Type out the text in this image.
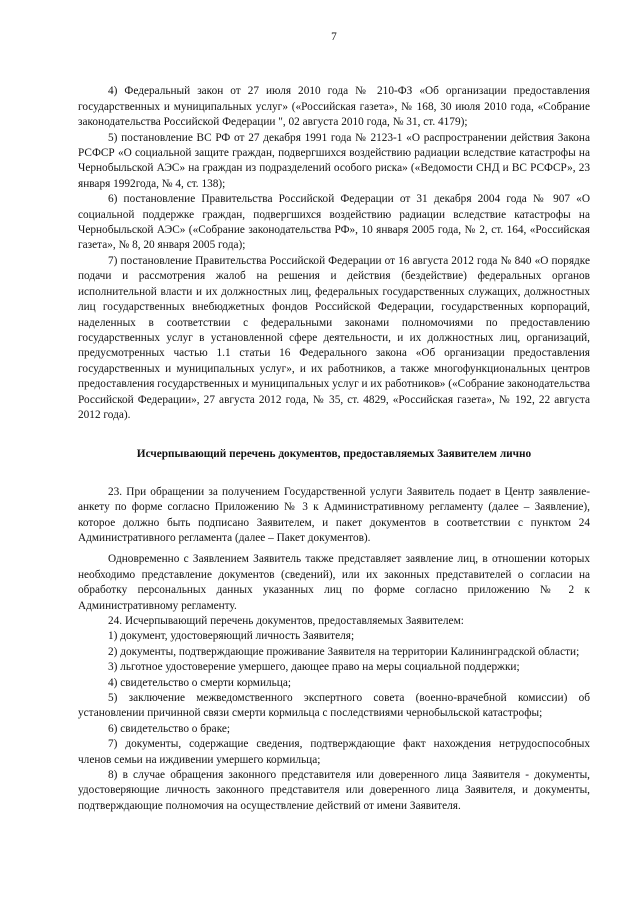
7

4) Федеральный закон от 27 июля 2010 года № 210-ФЗ «Об организации предоставления государственных и муниципальных услуг» («Российская газета», № 168, 30 июля 2010 года, «Собрание законодательства Российской Федерации ", 02 августа 2010 года, № 31, ст. 4179);

5) постановление ВС РФ от 27 декабря 1991 года № 2123-1 «О распространении действия Закона РСФСР «О социальной защите граждан, подвергшихся воздействию радиации вследствие катастрофы на Чернобыльской АЭС» на граждан из подразделений особого риска» («Ведомости СНД и ВС РСФСР», 23 января 1992года, № 4, ст. 138);

6) постановление Правительства Российской Федерации от 31 декабря 2004 года № 907 «О социальной поддержке граждан, подвергшихся воздействию радиации вследствие катастрофы на Чернобыльской АЭС» («Собрание законодательства РФ», 10 января 2005 года, № 2, ст. 164, «Российская газета», № 8, 20 января 2005 года);

7) постановление Правительства Российской Федерации от 16 августа 2012 года № 840 «О порядке подачи и рассмотрения жалоб на решения и действия (бездействие) федеральных органов исполнительной власти и их должностных лиц, федеральных государственных служащих, должностных лиц государственных внебюджетных фондов Российской Федерации, государственных корпораций, наделенных в соответствии с федеральными законами полномочиями по предоставлению государственных услуг в установленной сфере деятельности, и их должностных лиц, организаций, предусмотренных частью 1.1 статьи 16 Федерального закона «Об организации предоставления государственных и муниципальных услуг», и их работников, а также многофункциональных центров предоставления государственных и муниципальных услуг и их работников» («Собрание законодательства Российской Федерации», 27 августа 2012 года, № 35, ст. 4829, «Российская газета», № 192, 22 августа 2012 года).

Исчерпывающий перечень документов, предоставляемых Заявителем лично

23. При обращении за получением Государственной услуги Заявитель подает в Центр заявление-анкету по форме согласно Приложению № 3 к Административному регламенту (далее – Заявление), которое должно быть подписано Заявителем, и пакет документов в соответствии с пунктом 24 Административного регламента (далее – Пакет документов).

Одновременно с Заявлением Заявитель также представляет заявление лиц, в отношении которых необходимо представление документов (сведений), или их законных представителей о согласии на обработку персональных данных указанных лиц по форме согласно приложению № 2 к Административному регламенту.

24. Исчерпывающий перечень документов, предоставляемых Заявителем:

1) документ, удостоверяющий личность Заявителя;

2) документы, подтверждающие проживание Заявителя на территории Калининградской области;

3) льготное удостоверение умершего, дающее право на меры социальной поддержки;

4) свидетельство о смерти кормильца;

5) заключение межведомственного экспертного совета (военно-врачебной комиссии) об установлении причинной связи смерти кормильца с последствиями чернобыльской катастрофы;

6) свидетельство о браке;

7) документы, содержащие сведения, подтверждающие факт нахождения нетрудоспособных членов семьи на иждивении умершего кормильца;

8) в случае обращения законного представителя или доверенного лица Заявителя - документы, удостоверяющие личность законного представителя или доверенного лица Заявителя, и документы, подтверждающие полномочия на осуществление действий от имени Заявителя.
